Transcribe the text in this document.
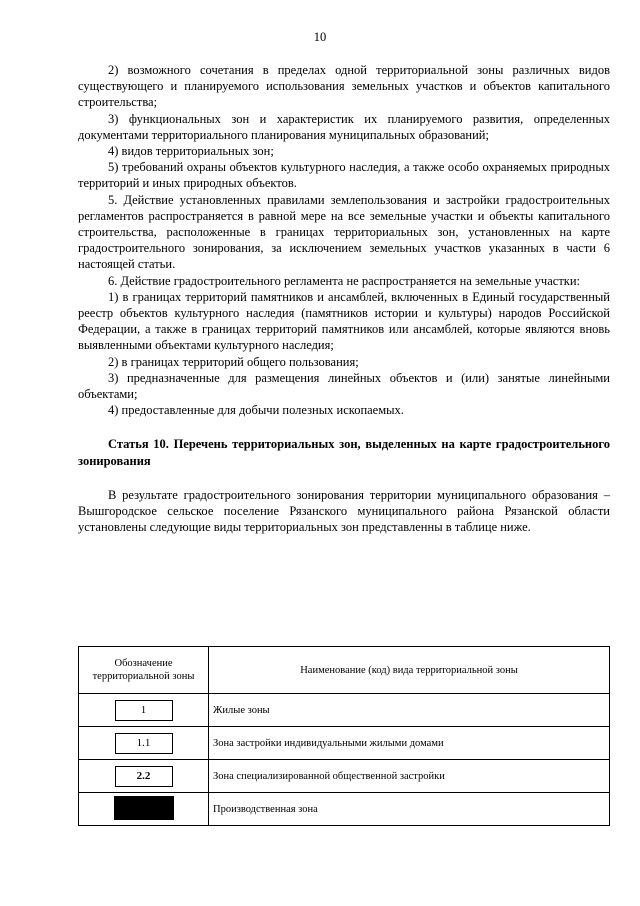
10

2) возможного сочетания в пределах одной территориальной зоны различных видов существующего и планируемого использования земельных участков и объектов капитального строительства;

3) функциональных зон и характеристик их планируемого развития, определенных документами территориального планирования муниципальных образований;

4) видов территориальных зон;

5) требований охраны объектов культурного наследия, а также особо охраняемых природных территорий и иных природных объектов.

5. Действие установленных правилами землепользования и застройки градостроительных регламентов распространяется в равной мере на все земельные участки и объекты капитального строительства, расположенные в границах территориальных зон, установленных на карте градостроительного зонирования, за исключением земельных участков указанных в части 6 настоящей статьи.

6. Действие градостроительного регламента не распространяется на земельные участки:

1) в границах территорий памятников и ансамблей, включенных в Единый государственный реестр объектов культурного наследия (памятников истории и культуры) народов Российской Федерации, а также в границах территорий памятников или ансамблей, которые являются вновь выявленными объектами культурного наследия;

2) в границах территорий общего пользования;

3) предназначенные для размещения линейных объектов и (или) занятые линейными объектами;

4) предоставленные для добычи полезных ископаемых.

Статья 10. Перечень территориальных зон, выделенных на карте градостроительного зонирования

В результате градостроительного зонирования территории муниципального образования – Вышгородское сельское поселение Рязанского муниципального района Рязанской области установлены следующие виды территориальных зон представленны в таблице ниже.

Обозначение территориальной зоны	Наименование (код) вида территориальной зоны
1	Жилые зоны
1.1	Зона застройки индивидуальными жилыми домами
2.2	Зона специализированной общественной застройки
	Производственная зона
